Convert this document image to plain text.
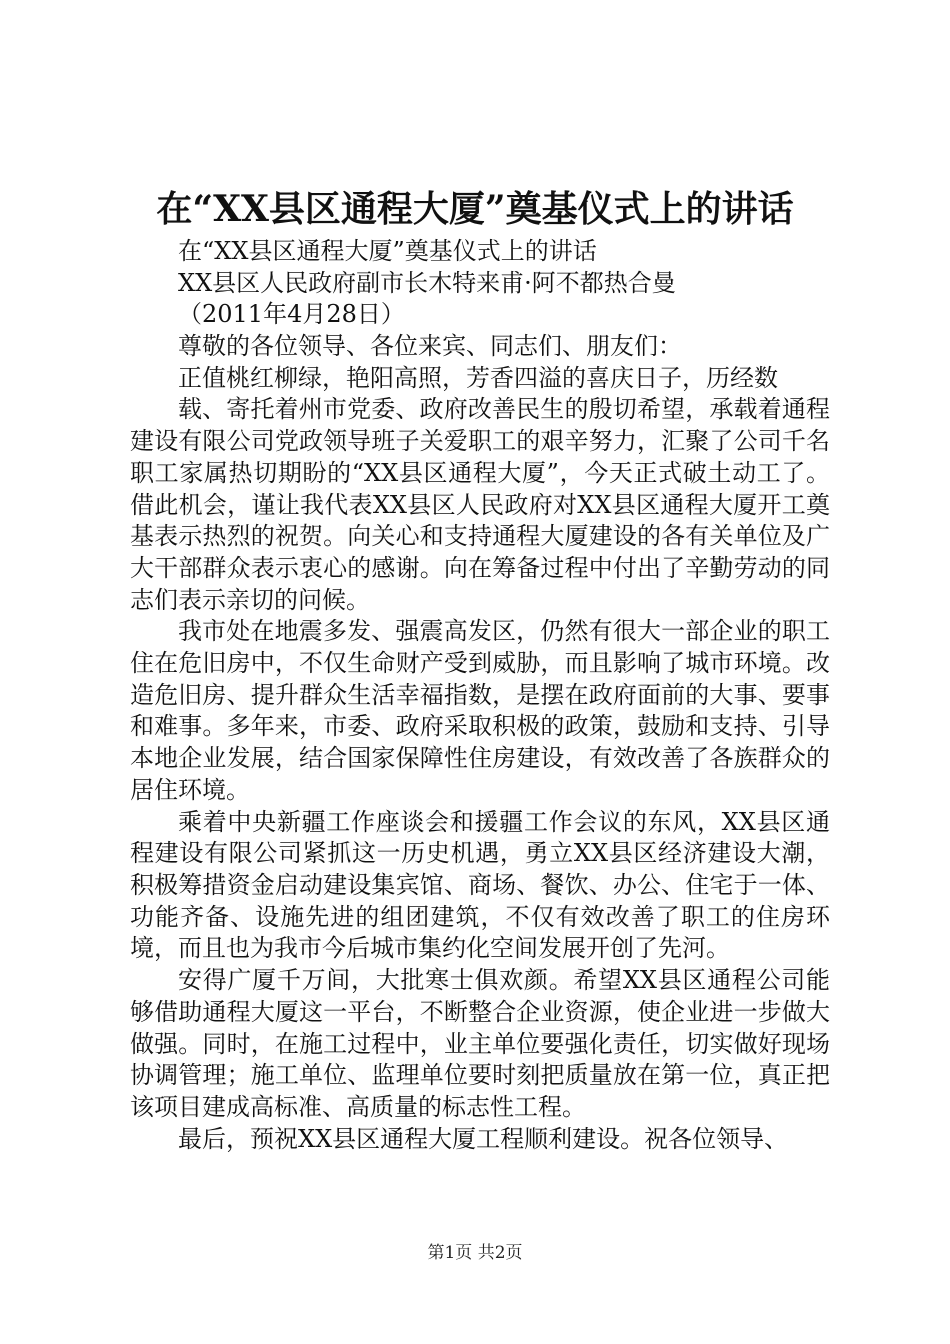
在“XX县区通程大厦”奠基仪式上的讲话

在“XX县区通程大厦”奠基仪式上的讲话

XX县区人民政府副市长木特来甫·阿不都热合曼

（2011年4月28日）

尊敬的各位领导、各位来宾、同志们、朋友们：

正值桃红柳绿，艳阳高照，芳香四溢的喜庆日子，历经数

载、寄托着州市党委、政府改善民生的殷切希望，承载着通程建设有限公司党政领导班子关爱职工的艰辛努力，汇聚了公司千名职工家属热切期盼的“XX县区通程大厦”，今天正式破土动工了。借此机会，谨让我代表XX县区人民政府对XX县区通程大厦开工奠基表示热烈的祝贺。向关心和支持通程大厦建设的各有关单位及广大干部群众表示衷心的感谢。向在筹备过程中付出了辛勤劳动的同志们表示亲切的问候。

我市处在地震多发、强震高发区，仍然有很大一部企业的职工住在危旧房中，不仅生命财产受到威胁，而且影响了城市环境。改造危旧房、提升群众生活幸福指数，是摆在政府面前的大事、要事和难事。多年来，市委、政府采取积极的政策，鼓励和支持、引导本地企业发展，结合国家保障性住房建设，有效改善了各族群众的居住环境。

乘着中央新疆工作座谈会和援疆工作会议的东风，XX县区通程建设有限公司紧抓这一历史机遇，勇立XX县区经济建设大潮，积极筹措资金启动建设集宾馆、商场、餐饮、办公、住宅于一体、功能齐备、设施先进的组团建筑，不仅有效改善了职工的住房环境，而且也为我市今后城市集约化空间发展开创了先河。

安得广厦千万间，大批寒士俱欢颜。希望XX县区通程公司能够借助通程大厦这一平台，不断整合企业资源，使企业进一步做大做强。同时，在施工过程中，业主单位要强化责任，切实做好现场协调管理；施工单位、监理单位要时刻把质量放在第一位，真正把该项目建成高标准、高质量的标志性工程。

最后，预祝XX县区通程大厦工程顺利建设。祝各位领导、

第1页 共2页
